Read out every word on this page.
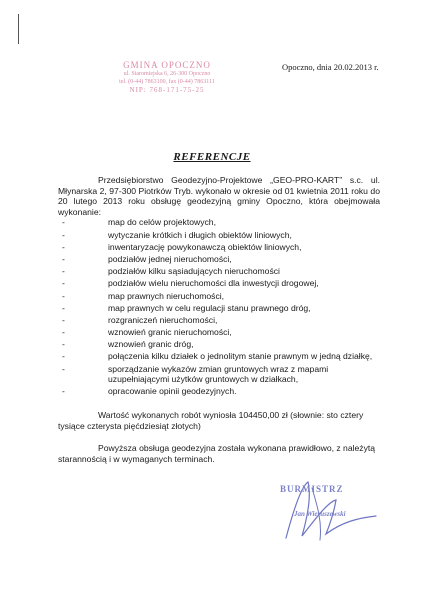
GMINA OPOCZNO
ul. Staromiejska 6, 26-300 Opoczno
tel. (0-44) 7863100, fax (0-44) 7863111
NIP: 768-171-75-25
Opoczno, dnia 20.02.2013 r.
REFERENCJE

Przedsiębiorstwo Geodezyjno-Projektowe „GEO-PRO-KART” s.c. ul. Młynarska 2, 97-300 Piotrków Tryb. wykonało w okresie od 01 kwietnia 2011 roku do 20 lutego 2013 roku obsługę geodezyjną gminy Opoczno, która obejmowała wykonanie:

- map do celów projektowych,
- wytyczanie krótkich i długich obiektów liniowych,
- inwentaryzację powykonawczą obiektów liniowych,
- podziałów jednej nieruchomości,
- podziałów kilku sąsiadujących nieruchomości
- podziałów wielu nieruchomości dla inwestycji drogowej,
- map prawnych nieruchomości,
- map prawnych w celu regulacji stanu prawnego dróg,
- rozgraniczeń nieruchomości,
- wznowień granic nieruchomości,
- wznowień granic dróg,
- połączenia kilku działek o jednolitym stanie prawnym w jedną działkę,
- sporządzanie wykazów zmian gruntowych wraz z mapami uzupełniającymi użytków gruntowych w działkach,
- opracowanie opinii geodezyjnych.

Wartość wykonanych robót wyniosła 104450,00 zł (słownie: sto cztery tysiące czterysta pięćdziesiąt złotych)

Powyższa obsługa geodezyjna została wykonana prawidłowo, z należytą starannością i w wymaganych terminach.

BURMISTRZ
Jan Wieruszewski
